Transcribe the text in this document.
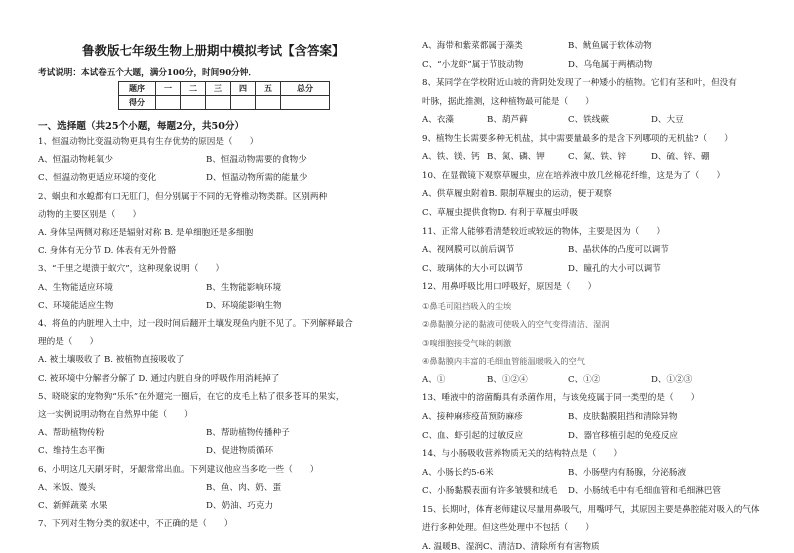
鲁教版七年级生物上册期中模拟考试【含答案】
考试说明：本试卷五个大题，满分100分，时间90分钟．
题序	一	二	三	四	五	总分
得分						
一、选择题（共25个小题，每题2分，共50分）
1、恒温动物比变温动物更具有生存优势的原因是（　　）
A、恒温动物耗氧少	B、恒温动物需要的食物少
C、恒温动物更适应环境的变化	D、恒温动物所需的能量少
2、蜗虫和水螅都有口无肛门，但分别属于不同的无脊椎动物类群。区别两种
动物的主要区别是（　　）
A. 身体呈两侧对称还是辐射对称 B. 是单细胞还是多细胞
C. 身体有无分节 D. 体表有无外骨骼
3、“千里之堤溃于蚁穴”，这种现象说明（　　）
A、生物能适应环境	B、生物能影响环境
C、环境能适应生物	D、环境能影响生物
4、将鱼的内脏埋入土中，过一段时间后翻开土壤发现鱼内脏不见了。下列解释最合
理的是（　　）
A. 被土壤吸收了 B. 被植物直接吸收了
C. 被环境中分解者分解了 D. 通过内脏自身的呼吸作用消耗掉了
5、晓晓家的宠物狗“乐乐”在外遛完一圈后，在它的皮毛上粘了很多苍耳的果实，
这一实例说明动物在自然界中能（　　）
A、帮助植物传粉	B、帮助植物传播种子
C、维持生态平衡	D、促进物质循环
6、小明这几天刷牙时，牙龈常常出血。下列建议他应当多吃一些（　　）
A、米饭、馒头	B、鱼、肉、奶、蛋
C、新鲜蔬菜 水果	D、奶油、巧克力
7、下列对生物分类的叙述中，不正确的是（　　）
A、海带和紫菜都属于藻类	B、鱿鱼属于软体动物
C、“小龙虾”属于节肢动物	D、乌龟属于两栖动物
8、某同学在学校附近山坡的背阴处发现了一种矮小的植物。它们有茎和叶，但没有
叶脉，据此推测，这种植物最可能是（　　）
A、衣藻	B、葫芦藓	C、铁线蕨	D、大豆
9、植物生长需要多种无机盐，其中需要量最多的是含下列哪项的无机盐?（　　）
A、铁、镁、钙 B、氮、磷、钾	C、氮、铁、锌	D、硫、锌、硼
10、在显微镜下观察草履虫，应在培养液中放几丝棉花纤维，这是为了（　　）
A、供草履虫附着B. 限制草履虫的运动，便于观察
C、草履虫提供食物D. 有利于草履虫呼吸
11、正常人能够看清楚较近或较远的物体，主要是因为（　　）
A、视网膜可以前后调节	B、晶状体的凸度可以调节
C、玻璃体的大小可以调节	D、瞳孔的大小可以调节
12、用鼻呼吸比用口呼吸好，原因是（　　）
①鼻毛可阻挡吸入的尘埃
②鼻黏膜分泌的黏液可使吸入的空气变得清洁、湿润
③嗅细胞接受气味的刺激
④鼻黏膜内丰富的毛细血管能温暖吸入的空气
A、①	B、①②④	C、①②	D、①②③
13、唾液中的溶菌酶具有杀菌作用，与该免疫属于同一类型的是（　　）
A、接种麻疹疫苗预防麻疹	B、皮肤黏膜阻挡和清除异物
C、血、虾引起的过敏反应	D、器官移植引起的免疫反应
14、与小肠吸收营养物质无关的结构特点是（　　）
A、小肠长约5-6米	B、小肠壁内有肠腺，分泌肠液
C、小肠黏膜表面有许多皱襞和绒毛 D、小肠绒毛中有毛细血管和毛细淋巴管
15、长期吋，体育老师建议尽量用鼻吸气，用嘴呼气，其原因主要是鼻腔能对吸入的气体
进行多种处理。但这些处理中不包括（　　）
A. 温暖B、湿润C、清洁D、清除所有有害物质
